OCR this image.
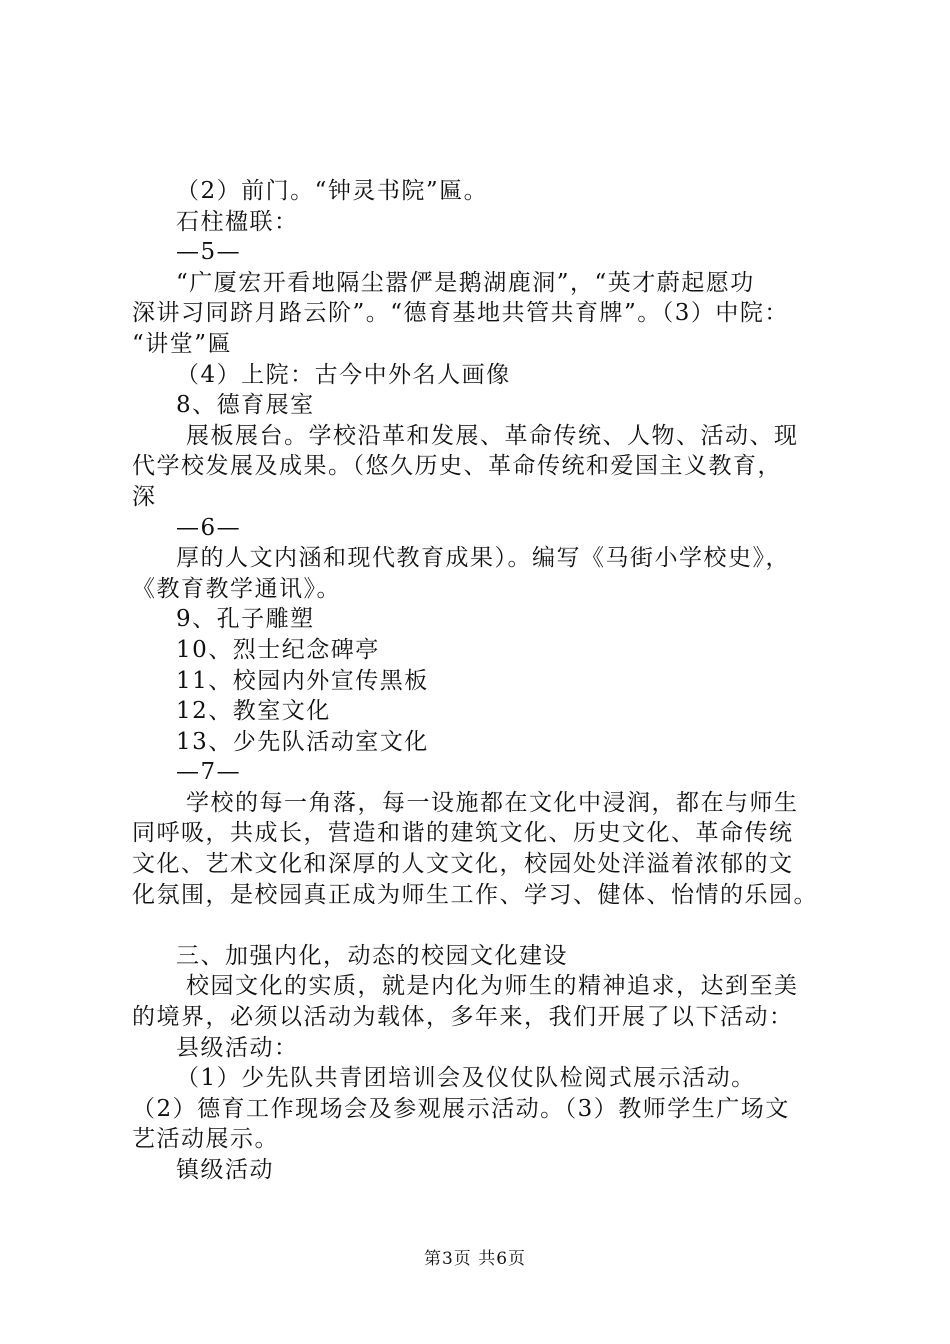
（2）前门。“钟灵书院”匾。
石柱楹联：
—5—
“广厦宏开看地隔尘嚣俨是鹅湖鹿洞”，“英才蔚起愿功
深讲习同跻月路云阶”。“德育基地共管共育牌”。（3）中院：
“讲堂”匾
（4）上院：古今中外名人画像
8、德育展室
展板展台。学校沿革和发展、革命传统、人物、活动、现
代学校发展及成果。（悠久历史、革命传统和爱国主义教育，
深
—6—
厚的人文内涵和现代教育成果）。编写《马街小学校史》，
《教育教学通讯》。
9、孔子雕塑
10、烈士纪念碑亭
11、校园内外宣传黑板
12、教室文化
13、少先队活动室文化
—7—
学校的每一角落，每一设施都在文化中浸润，都在与师生
同呼吸，共成长，营造和谐的建筑文化、历史文化、革命传统
文化、艺术文化和深厚的人文文化，校园处处洋溢着浓郁的文
化氛围，是校园真正成为师生工作、学习、健体、怡情的乐园。
三、加强内化，动态的校园文化建设
校园文化的实质，就是内化为师生的精神追求，达到至美
的境界，必须以活动为载体，多年来，我们开展了以下活动：
县级活动：
（1）少先队共青团培训会及仪仗队检阅式展示活动。
（2）德育工作现场会及参观展示活动。（3）教师学生广场文
艺活动展示。
镇级活动
第3页 共6页
